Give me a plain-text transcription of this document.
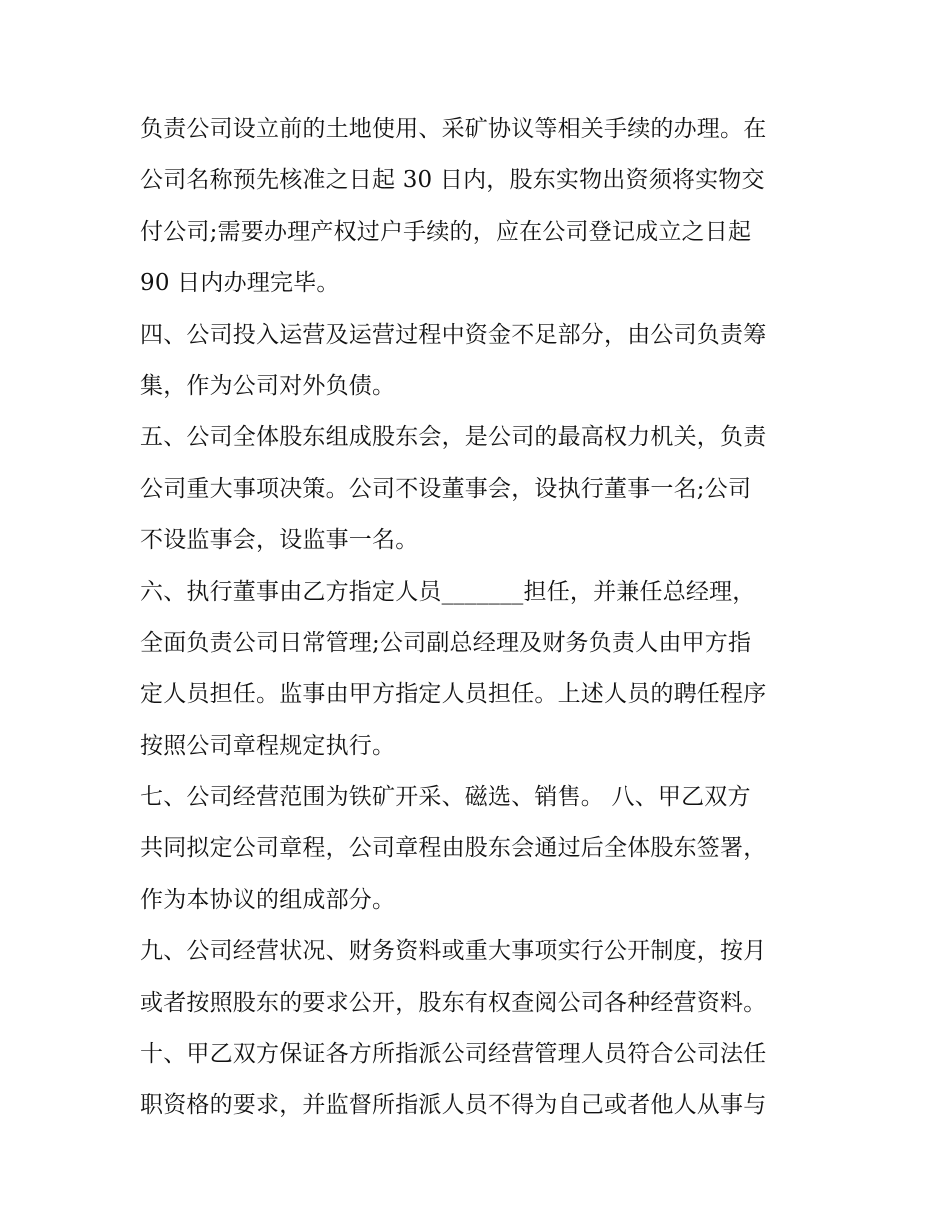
负责公司设立前的土地使用、采矿协议等相关手续的办理。在
公司名称预先核准之日起 30 日内，股东实物出资须将实物交
付公司;需要办理产权过户手续的，应在公司登记成立之日起
90 日内办理完毕。
四、公司投入运营及运营过程中资金不足部分，由公司负责筹
集，作为公司对外负债。
五、公司全体股东组成股东会，是公司的最高权力机关，负责
公司重大事项决策。公司不设董事会，设执行董事一名;公司
不设监事会，设监事一名。
六、执行董事由乙方指定人员_______担任，并兼任总经理，
全面负责公司日常管理;公司副总经理及财务负责人由甲方指
定人员担任。监事由甲方指定人员担任。上述人员的聘任程序
按照公司章程规定执行。
七、公司经营范围为铁矿开采、磁选、销售。 八、甲乙双方
共同拟定公司章程，公司章程由股东会通过后全体股东签署，
作为本协议的组成部分。
九、公司经营状况、财务资料或重大事项实行公开制度，按月
或者按照股东的要求公开，股东有权查阅公司各种经营资料。
十、甲乙双方保证各方所指派公司经营管理人员符合公司法任
职资格的要求，并监督所指派人员不得为自己或者他人从事与
